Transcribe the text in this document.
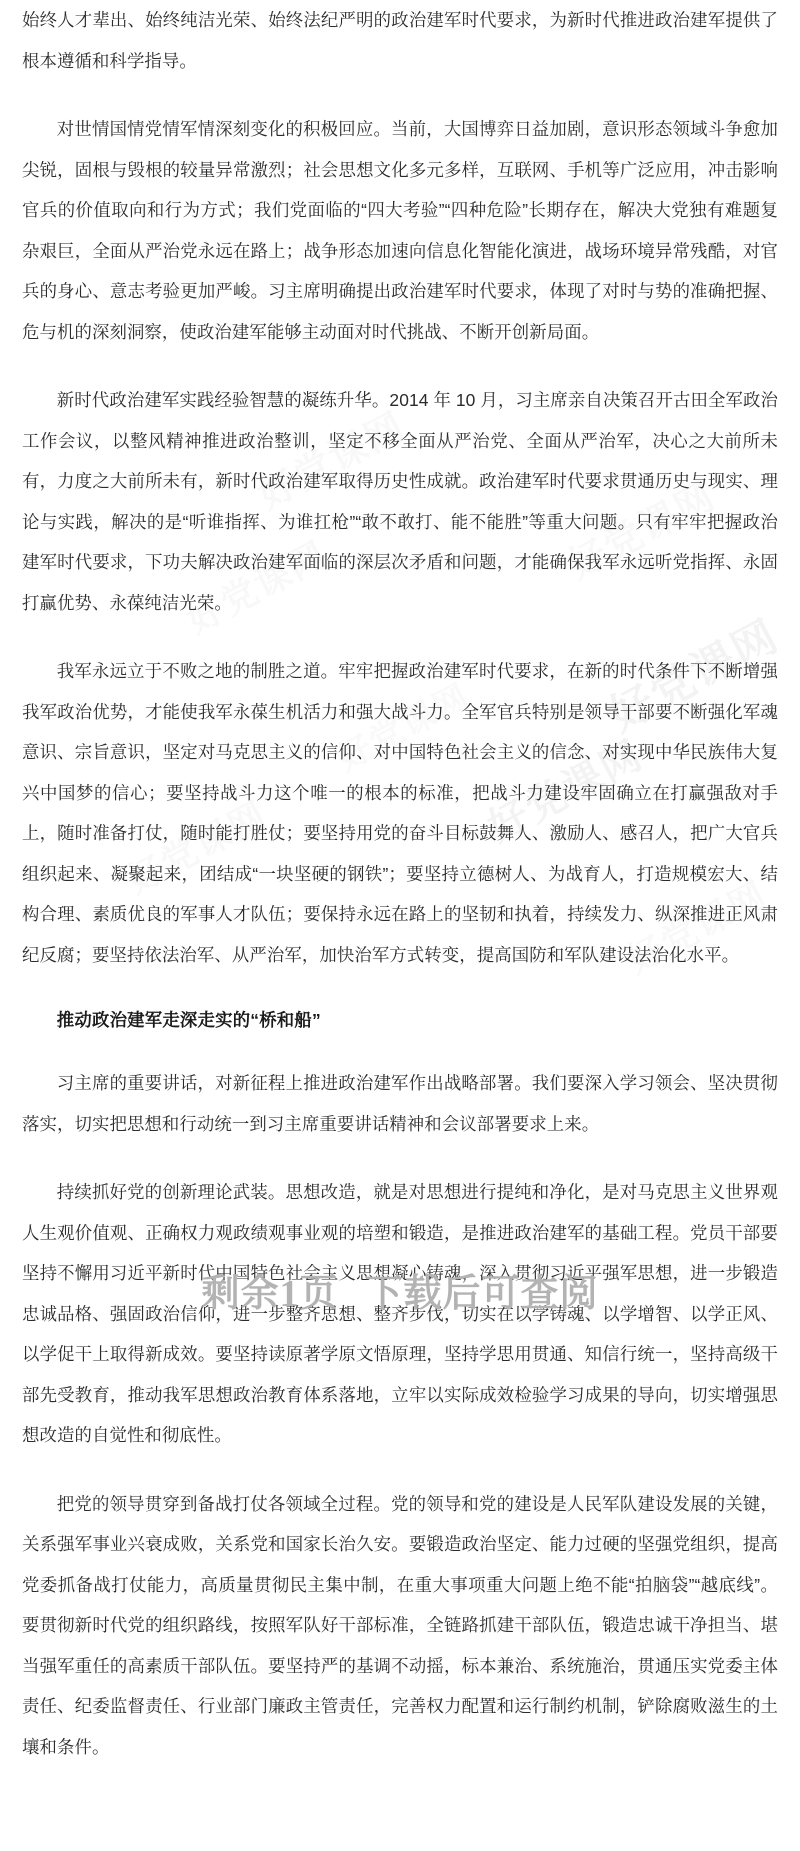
好党课网
好党课网
好党课网
好党课网
好党课网
好党课网
好党课网

始终人才辈出、始终纯洁光荣、始终法纪严明的政治建军时代要求，为新时代推进政治建军提供了根本遵循和科学指导。

对世情国情党情军情深刻变化的积极回应。当前，大国博弈日益加剧，意识形态领域斗争愈加尖锐，固根与毁根的较量异常激烈；社会思想文化多元多样，互联网、手机等广泛应用，冲击影响官兵的价值取向和行为方式；我们党面临的“四大考验”“四种危险”长期存在，解决大党独有难题复杂艰巨，全面从严治党永远在路上；战争形态加速向信息化智能化演进，战场环境异常残酷，对官兵的身心、意志考验更加严峻。习主席明确提出政治建军时代要求，体现了对时与势的准确把握、危与机的深刻洞察，使政治建军能够主动面对时代挑战、不断开创新局面。

新时代政治建军实践经验智慧的凝练升华。2014 年 10 月，习主席亲自决策召开古田全军政治工作会议，以整风精神推进政治整训，坚定不移全面从严治党、全面从严治军，决心之大前所未有，力度之大前所未有，新时代政治建军取得历史性成就。政治建军时代要求贯通历史与现实、理论与实践，解决的是“听谁指挥、为谁扛枪”“敢不敢打、能不能胜”等重大问题。只有牢牢把握政治建军时代要求，下功夫解决政治建军面临的深层次矛盾和问题，才能确保我军永远听党指挥、永固打赢优势、永葆纯洁光荣。

我军永远立于不败之地的制胜之道。牢牢把握政治建军时代要求，在新的时代条件下不断增强我军政治优势，才能使我军永葆生机活力和强大战斗力。全军官兵特别是领导干部要不断强化军魂意识、宗旨意识，坚定对马克思主义的信仰、对中国特色社会主义的信念、对实现中华民族伟大复兴中国梦的信心；要坚持战斗力这个唯一的根本的标准，把战斗力建设牢固确立在打赢强敌对手上，随时准备打仗，随时能打胜仗；要坚持用党的奋斗目标鼓舞人、激励人、感召人，把广大官兵组织起来、凝聚起来，团结成“一块坚硬的钢铁”；要坚持立德树人、为战育人，打造规模宏大、结构合理、素质优良的军事人才队伍；要保持永远在路上的坚韧和执着，持续发力、纵深推进正风肃纪反腐；要坚持依法治军、从严治军，加快治军方式转变，提高国防和军队建设法治化水平。

推动政治建军走深走实的“桥和船”

习主席的重要讲话，对新征程上推进政治建军作出战略部署。我们要深入学习领会、坚决贯彻落实，切实把思想和行动统一到习主席重要讲话精神和会议部署要求上来。

持续抓好党的创新理论武装。思想改造，就是对思想进行提纯和净化，是对马克思主义世界观人生观价值观、正确权力观政绩观事业观的培塑和锻造，是推进政治建军的基础工程。党员干部要坚持不懈用习近平新时代中国特色社会主义思想凝心铸魂，深入贯彻习近平强军思想，进一步锻造忠诚品格、强固政治信仰，进一步整齐思想、整齐步伐，切实在以学铸魂、以学增智、以学正风、以学促干上取得新成效。要坚持读原著学原文悟原理，坚持学思用贯通、知信行统一，坚持高级干部先受教育，推动我军思想政治教育体系落地，立牢以实际成效检验学习成果的导向，切实增强思想改造的自觉性和彻底性。

把党的领导贯穿到备战打仗各领域全过程。党的领导和党的建设是人民军队建设发展的关键，关系强军事业兴衰成败，关系党和国家长治久安。要锻造政治坚定、能力过硬的坚强党组织，提高党委抓备战打仗能力，高质量贯彻民主集中制，在重大事项重大问题上绝不能“拍脑袋”“越底线”。要贯彻新时代党的组织路线，按照军队好干部标准，全链路抓建干部队伍，锻造忠诚干净担当、堪当强军重任的高素质干部队伍。要坚持严的基调不动摇，标本兼治、系统施治，贯通压实党委主体责任、纪委监督责任、行业部门廉政主管责任，完善权力配置和运行制约机制，铲除腐败滋生的土壤和条件。

剩余1页 下载后可查阅
